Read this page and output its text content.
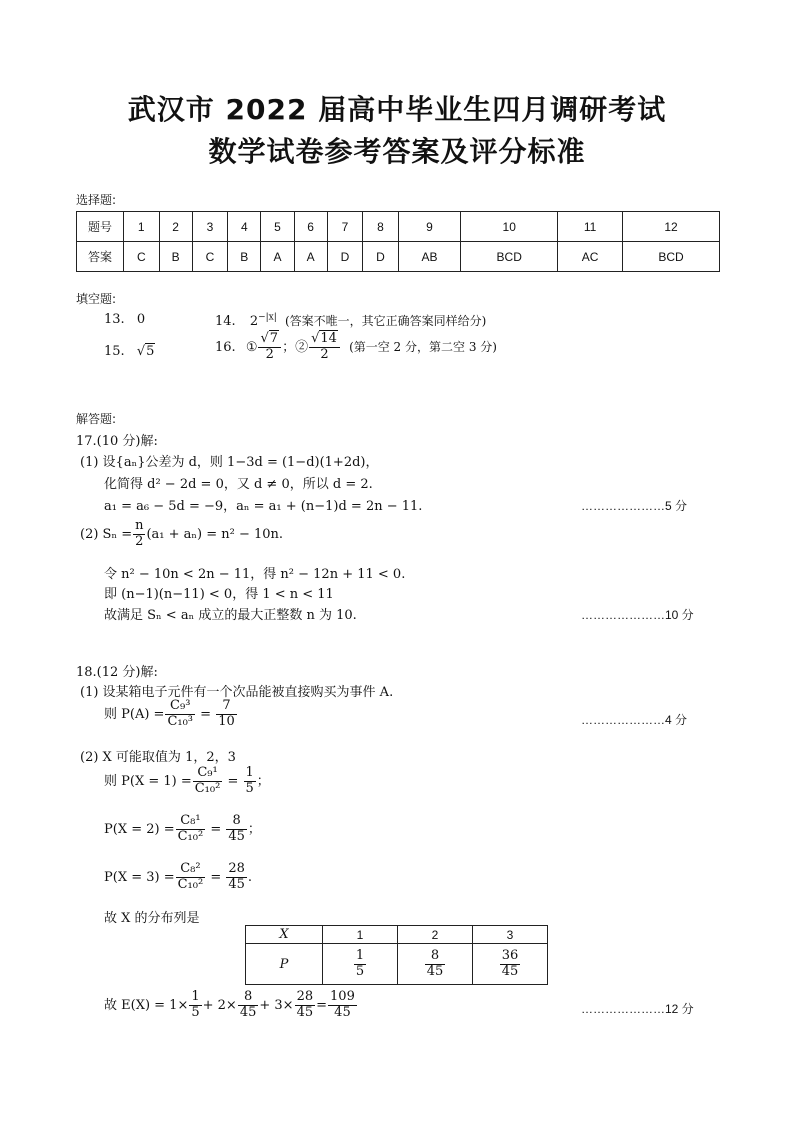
武汉市 2022 届高中毕业生四月调研考试
数学试卷参考答案及评分标准
选择题:
题号	1	2	3	4	5	6	7	8	9	10	11	12
答案	C	B	C	B	A	A	D	D	AB	BCD	AC	BCD
填空题:
13. 0	14. $2^{-|x|}$ (答案不唯一，其它正确答案同样给分)
15. √5	16. ① $\frac{√7}{2}$ ；② $\frac{√14}{2}$ (第一空 2 分，第二空 3 分)
解答题:
17.(10 分)解:
(1) 设{aₙ}公差为 d，则 1−3d = (1−d)(1+2d)，
化简得 d² − 2d = 0，又 d ≠ 0，所以 d = 2.
a₁ = a₆ − 5d = −9，aₙ = a₁ + (n−1)d = 2n − 11.	…………………5 分
(2) $S_n = \frac{n}{2} (a_1 + a_n) = n^2 - 10n$.
令 n² − 10n < 2n − 11，得 n² − 12n + 11 < 0.
即 (n−1)(n−11) < 0，得 1 < n < 11
故满足 Sₙ < aₙ 成立的最大正整数 n 为 10.	…………………10 分
18.(12 分)解:
(1) 设某箱电子元件有一个次品能被直接购买为事件 A.
则 $P(A) = \frac{\text{C₉³}}{\text{C₁₀³}} = \frac{7}{10}$	…………………4 分
(2) X 可能取值为 1，2，3
则 $P(X = 1) = \frac{\text{C₉¹}}{\text{C₁₀²}} = \frac{1}{5}$ ；
$P(X = 2) = \frac{\text{C₈¹}}{\text{C₁₀²}} = \frac{8}{45}$ ；
$P(X = 3) = \frac{\text{C₈²}}{\text{C₁₀²}} = \frac{28}{45}$ .
故 X 的分布列是
X	1	2	3
P	$\frac{1}{5}$	$\frac{8}{45}$	$\frac{36}{45}$
故 $E(X) = 1\times \frac{1}{5} + 2\times \frac{8}{45} + 3\times \frac{28}{45} = \frac{109}{45}$	…………………12 分
